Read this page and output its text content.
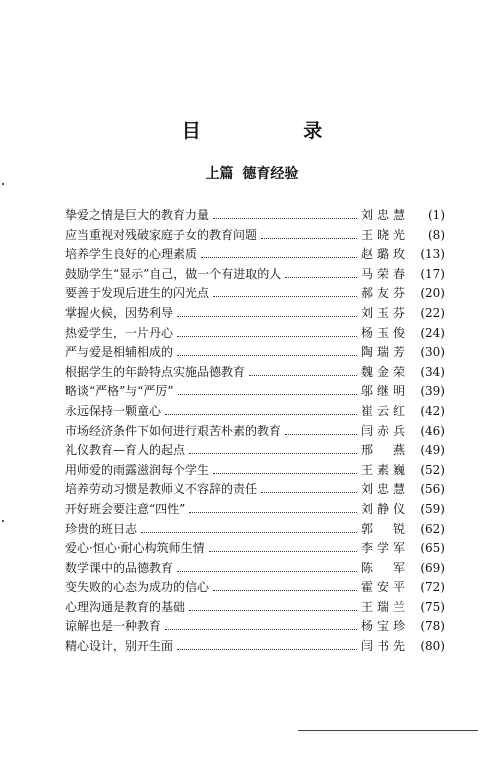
目 录
上篇 德育经验
挚爱之情是巨大的教育力量	刘忠慧	(1)
应当重视对残破家庭子女的教育问题	王晓光	(8)
培养学生良好的心理素质	赵璐玫	(13)
鼓励学生“显示”自己，做一个有进取的人	马荣春	(17)
要善于发现后进生的闪光点	郝友芬	(20)
掌握火候，因势利导	刘玉芬	(22)
热爱学生，一片丹心	杨玉俊	(24)
严与爱是相辅相成的	陶瑞芳	(30)
根据学生的年龄特点实施品德教育	魏金荣	(34)
略谈“严格”与“严厉”	邬继明	(39)
永远保持一颗童心	崔云红	(42)
市场经济条件下如何进行艰苦朴素的教育	闫赤兵	(46)
礼仪教育—育人的起点	邢 燕	(49)
用师爱的雨露滋润每个学生	王素巍	(52)
培养劳动习惯是教师义不容辞的责任	刘忠慧	(56)
开好班会要注意“四性”	刘静仪	(59)
珍贵的班日志	郭 锐	(62)
爱心·恒心·耐心构筑师生情	李学军	(65)
数学课中的品德教育	陈 军	(69)
变失败的心态为成功的信心	霍安平	(72)
心理沟通是教育的基础	王瑞兰	(75)
谅解也是一种教育	杨宝珍	(78)
精心设计，别开生面	闫书先	(80)
